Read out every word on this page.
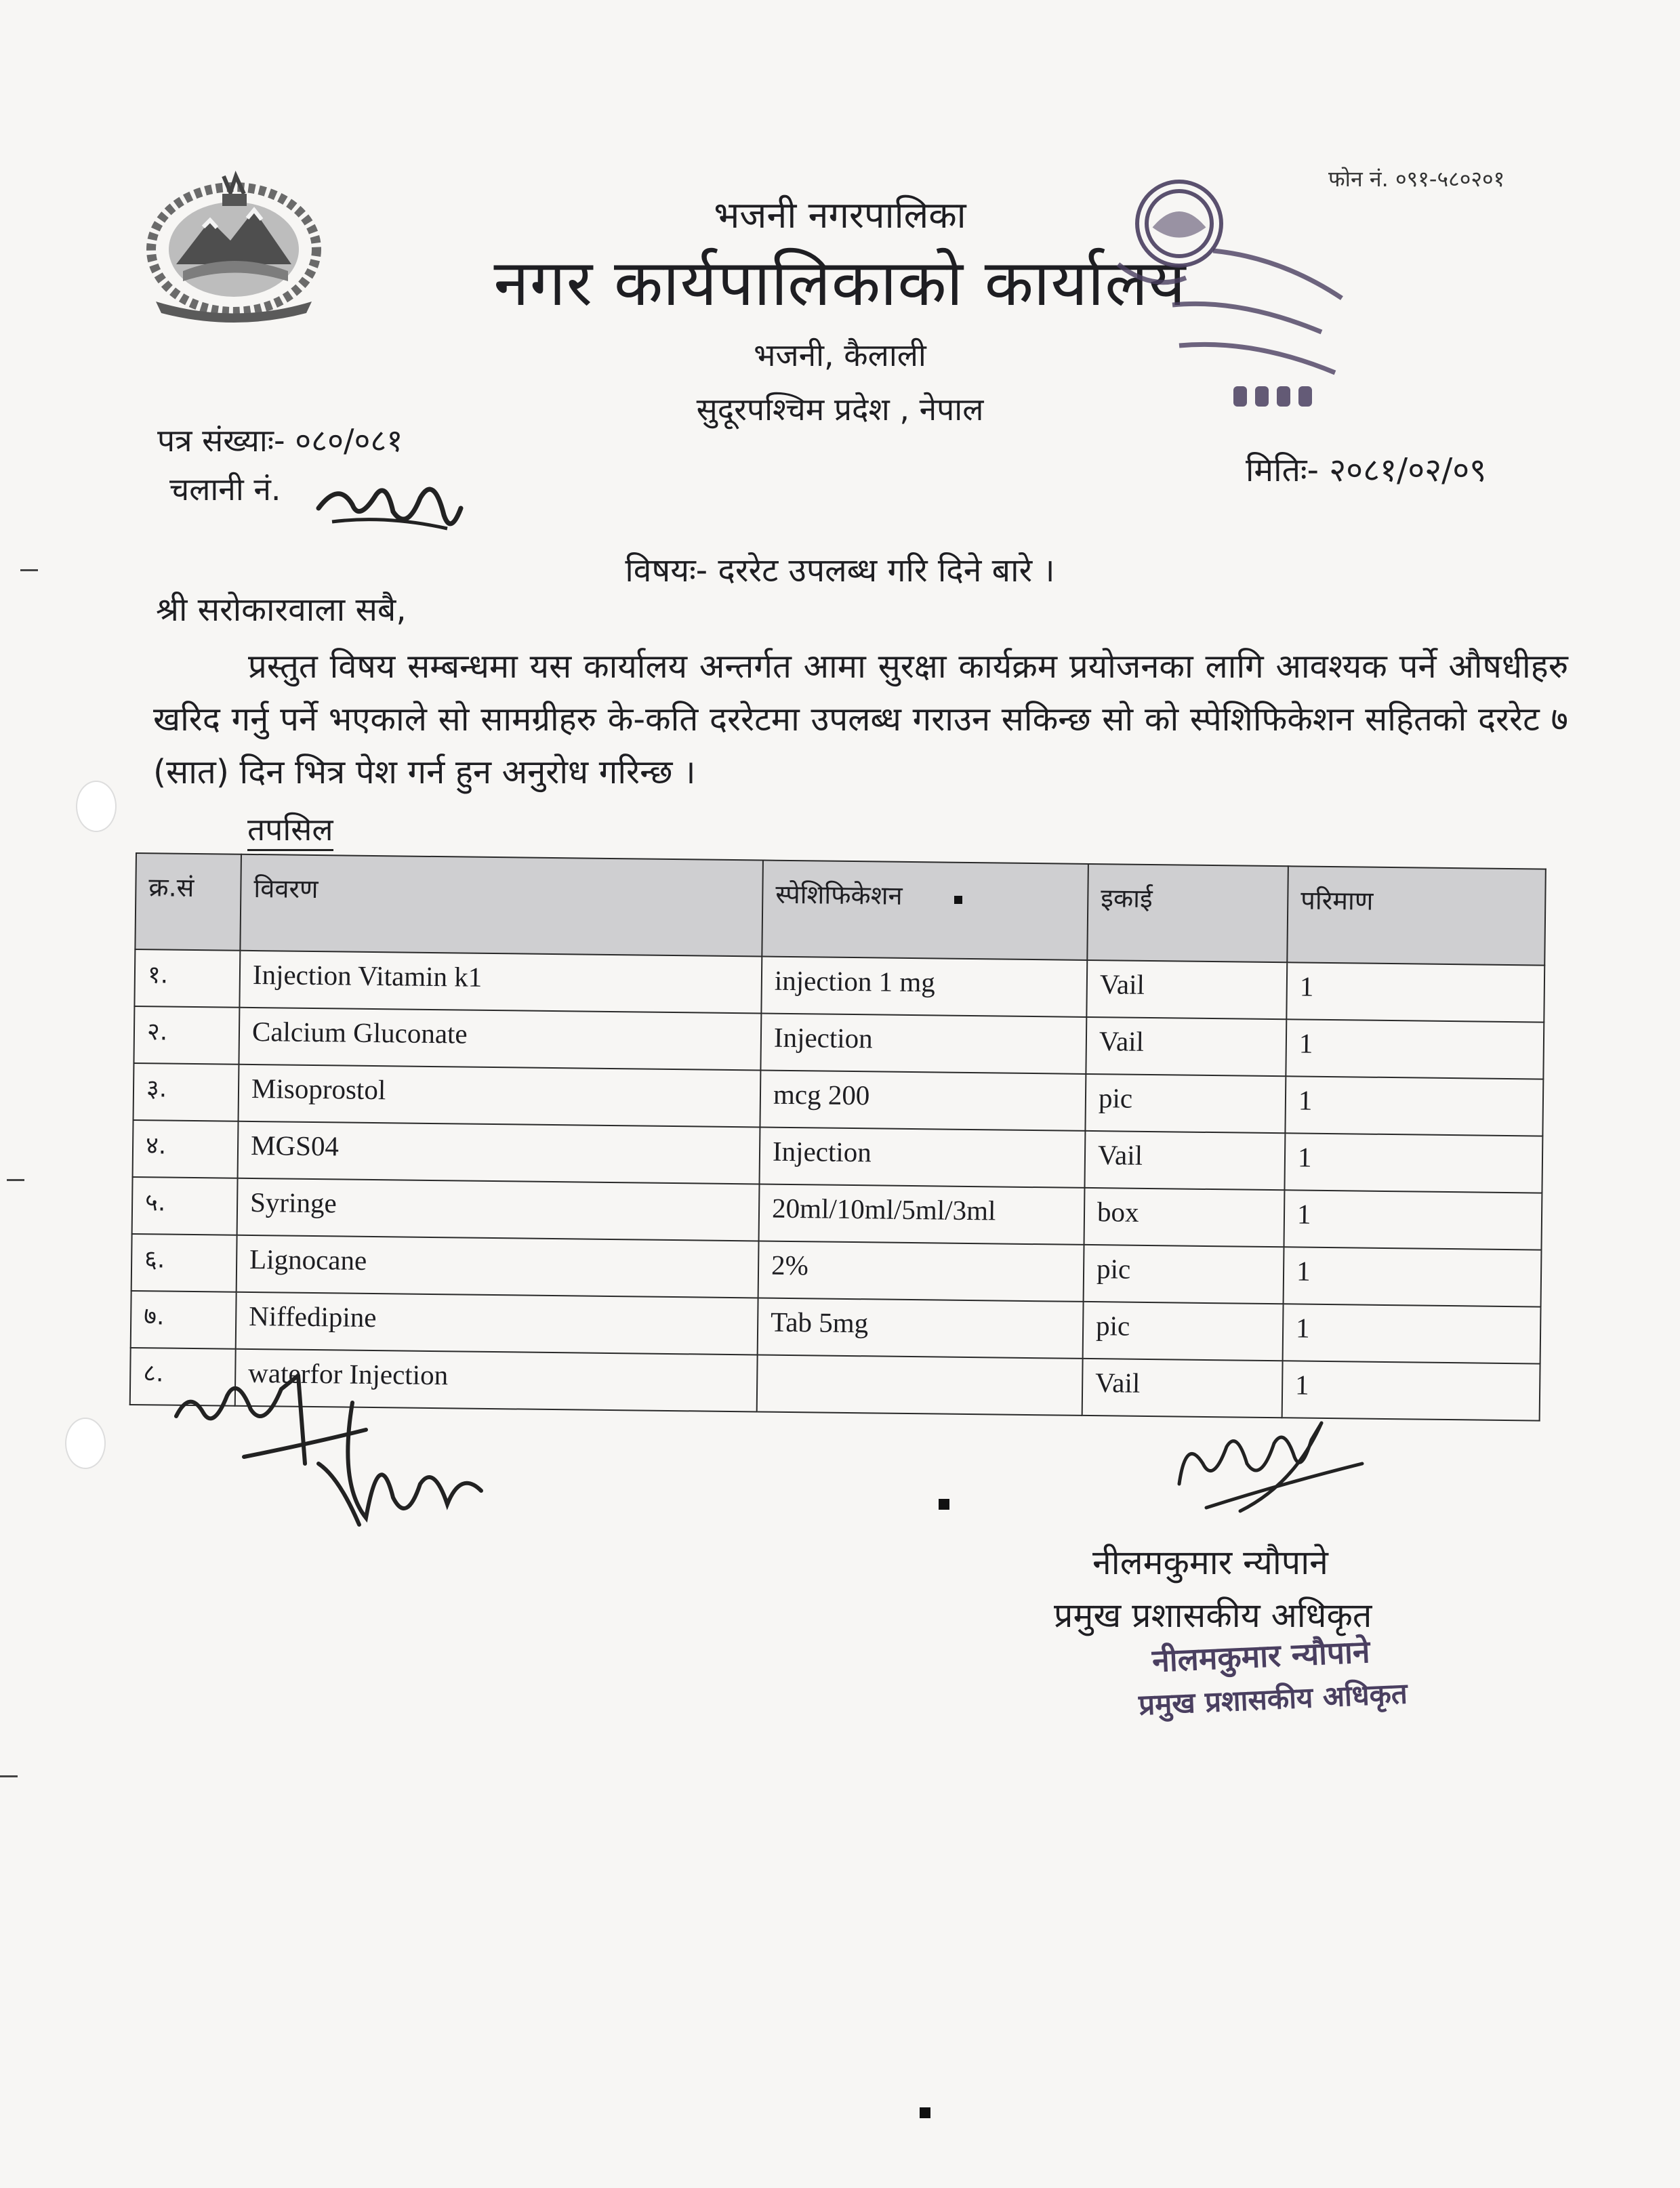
फोन नं. ०९१-५८०२०१
भजनी नगरपालिका
नगर कार्यपालिकाको कार्यालय
भजनी, कैलाली
सुदूरपश्चिम प्रदेश , नेपाल
पत्र संख्याः- ०८०/०८१
चलानी नं.	मितिः- २०८१/०२/०९
विषयः- दररेट उपलब्ध गरि दिने बारे ।
श्री सरोकारवाला सबै,
प्रस्तुत विषय सम्बन्धमा यस कार्यालय अन्तर्गत आमा सुरक्षा कार्यक्रम प्रयोजनका लागि आवश्यक पर्ने औषधीहरु खरिद गर्नु पर्ने भएकाले सो सामग्रीहरु के-कति दररेटमा उपलब्ध गराउन सकिन्छ सो को स्पेशिफिकेशन सहितको दररेट ७ (सात) दिन भित्र पेश गर्न हुन अनुरोध गरिन्छ ।
तपसिल
क्र.सं	विवरण	स्पेशिफिकेशन	इकाई	परिमाण
१.	Injection Vitamin k1	injection 1 mg	Vail	1
२.	Calcium Gluconate	Injection	Vail	1
३.	Misoprostol	mcg 200	pic	1
४.	MGS04	Injection	Vail	1
५.	Syringe	20ml/10ml/5ml/3ml	box	1
६.	Lignocane	2%	pic	1
७.	Niffedipine	Tab 5mg	pic	1
८.	waterfor Injection		Vail	1
नीलमकुमार न्यौपाने
प्रमुख प्रशासकीय अधिकृत
नीलमकुमार न्यौपाने
प्रमुख प्रशासकीय अधिकृत
